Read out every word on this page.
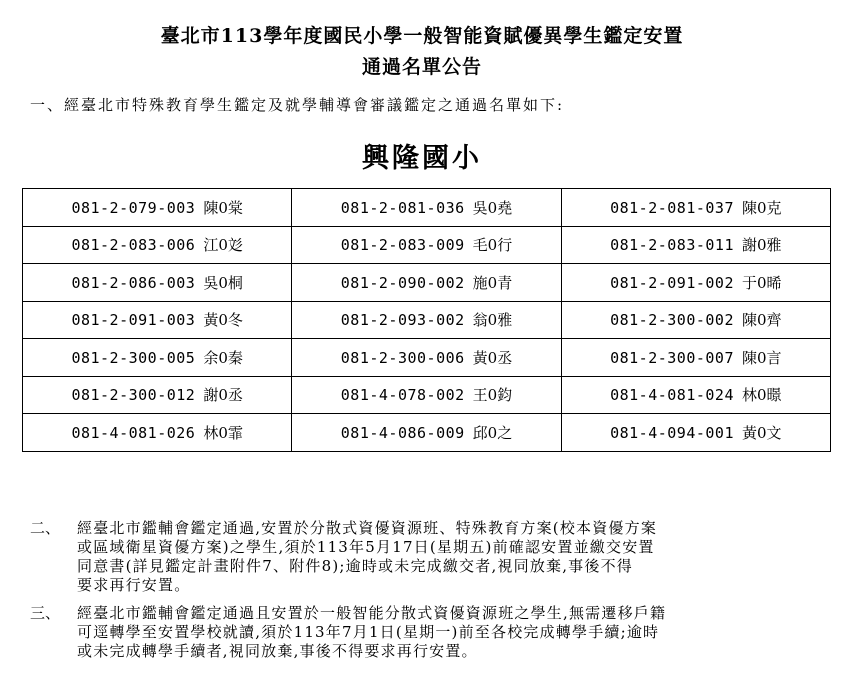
臺北市113學年度國民小學一般智能資賦優異學生鑑定安置
通過名單公告
一、經臺北市特殊教育學生鑑定及就學輔導會審議鑑定之通過名單如下:
興隆國小
081-2-079-003 陳0棠	081-2-081-036 吳0堯	081-2-081-037 陳0克
081-2-083-006 江0彣	081-2-083-009 毛0行	081-2-083-011 謝0雅
081-2-086-003 吳0桐	081-2-090-002 施0青	081-2-091-002 于0晞
081-2-091-003 黃0冬	081-2-093-002 翁0雅	081-2-300-002 陳0齊
081-2-300-005 余0秦	081-2-300-006 黃0丞	081-2-300-007 陳0言
081-2-300-012 謝0丞	081-4-078-002 王0鈞	081-4-081-024 林0暻
081-4-081-026 林0霏	081-4-086-009 邱0之	081-4-094-001 黃0文
二、	經臺北市鑑輔會鑑定通過,安置於分散式資優資源班、特殊教育方案(校本資優方案
或區域衛星資優方案)之學生,須於113年5月17日(星期五)前確認安置並繳交安置
同意書(詳見鑑定計畫附件7、附件8);逾時或未完成繳交者,視同放棄,事後不得
要求再行安置。
三、	經臺北市鑑輔會鑑定通過且安置於一般智能分散式資優資源班之學生,無需遷移戶籍
可逕轉學至安置學校就讀,須於113年7月1日(星期一)前至各校完成轉學手續;逾時
或未完成轉學手續者,視同放棄,事後不得要求再行安置。
